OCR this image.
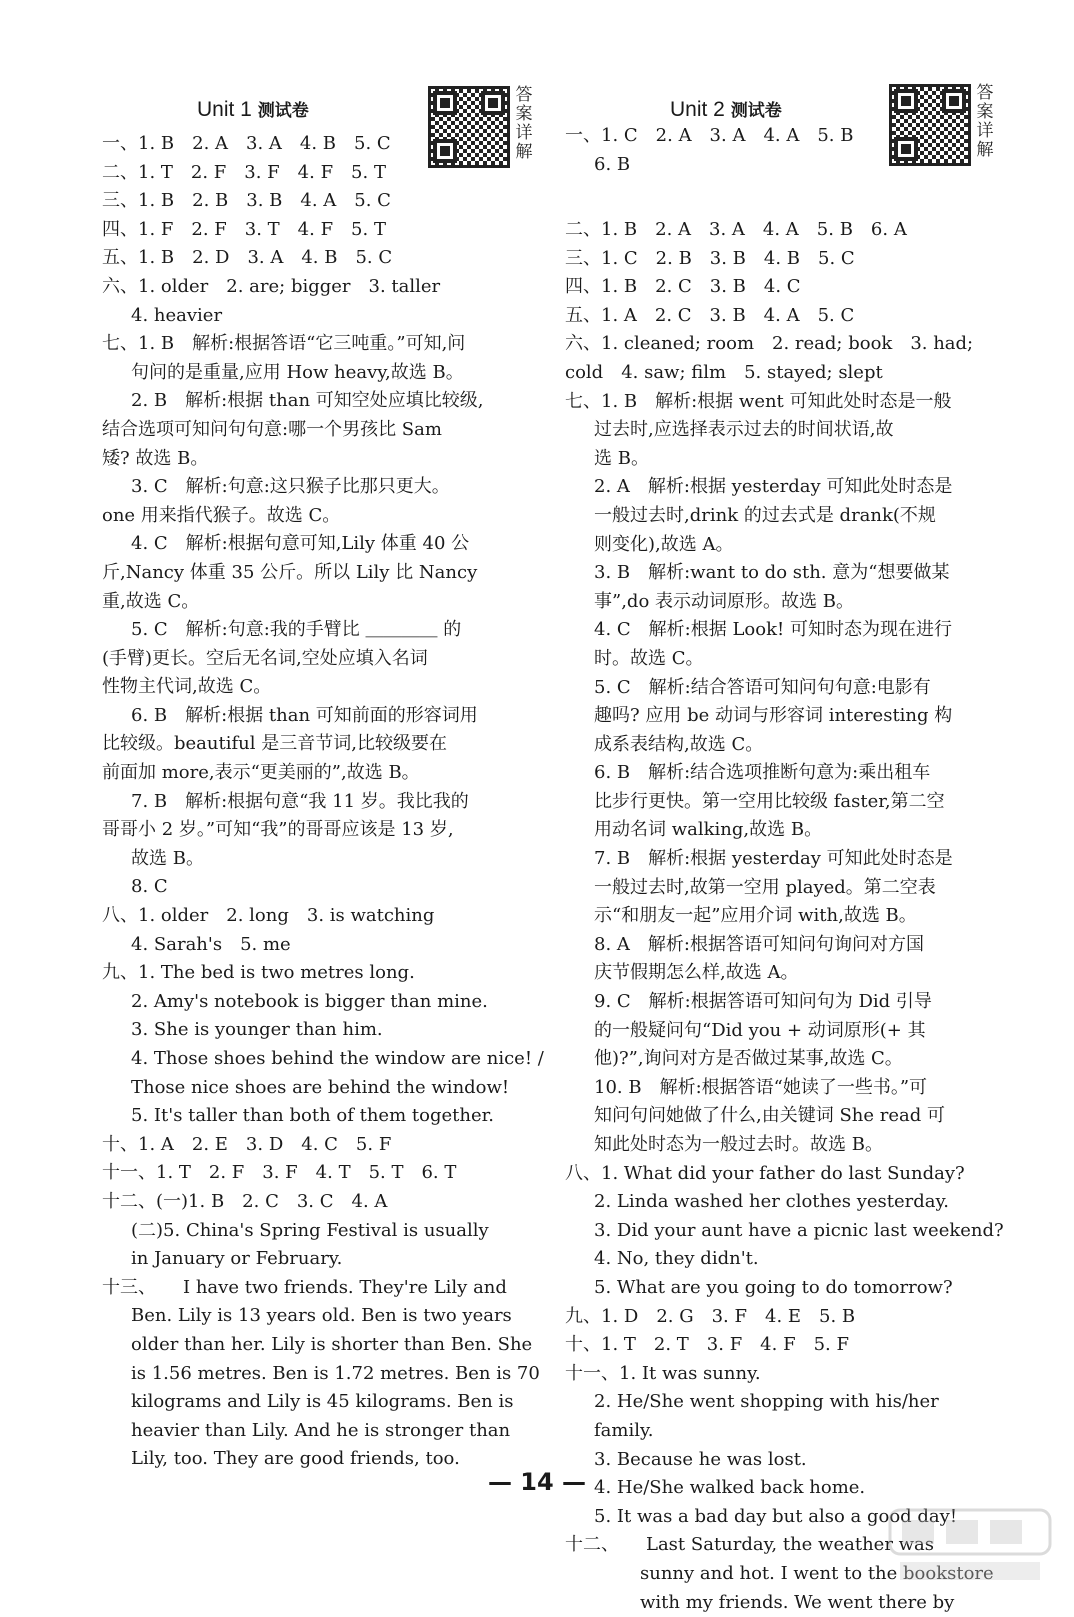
Unit 1 测试卷
答案详解
一、1. B　2. A　3. A　4. B　5. C
二、1. T　2. F　3. F　4. F　5. T
三、1. B　2. B　3. B　4. A　5. C
四、1. F　2. F　3. T　4. F　5. T
五、1. B　2. D　3. A　4. B　5. C
六、1. older　2. are; bigger　3. taller
4. heavier
七、1. B　解析:根据答语“它三吨重。”可知,问
句问的是重量,应用 How heavy,故选 B。
2. B　解析:根据 than 可知空处应填比较级,
结合选项可知问句句意:哪一个男孩比 Sam
矮? 故选 B。
3. C　解析:句意:这只猴子比那只更大。
one 用来指代猴子。故选 C。
4. C　解析:根据句意可知,Lily 体重 40 公
斤,Nancy 体重 35 公斤。所以 Lily 比 Nancy
重,故选 C。
5. C　解析:句意:我的手臂比 ＿＿＿＿ 的
(手臂)更长。空后无名词,空处应填入名词
性物主代词,故选 C。
6. B　解析:根据 than 可知前面的形容词用
比较级。beautiful 是三音节词,比较级要在
前面加 more,表示“更美丽的”,故选 B。
7. B　解析:根据句意“我 11 岁。我比我的
哥哥小 2 岁。”可知“我”的哥哥应该是 13 岁,
故选 B。
8. C
八、1. older　2. long　3. is watching
4. Sarah's　5. me
九、1. The bed is two metres long.
2. Amy's notebook is bigger than mine.
3. She is younger than him.
4. Those shoes behind the window are nice! /
Those nice shoes are behind the window!
5. It's taller than both of them together.
十、1. A　2. E　3. D　4. C　5. F
十一、1. T　2. F　3. F　4. T　5. T　6. T
十二、(一)1. B　2. C　3. C　4. A
(二)5. China's Spring Festival is usually
in January or February.
十三、　　I have two friends. They're Lily and
Ben. Lily is 13 years old. Ben is two years
older than her. Lily is shorter than Ben. She
is 1.56 metres. Ben is 1.72 metres. Ben is 70
kilograms and Lily is 45 kilograms. Ben is
heavier than Lily. And he is stronger than
Lily, too. They are good friends, too.
Unit 2 测试卷
答案详解
一、1. C　2. A　3. A　4. A　5. B
6. B
二、1. B　2. A　3. A　4. A　5. B　6. A
三、1. C　2. B　3. B　4. B　5. C
四、1. B　2. C　3. B　4. C
五、1. A　2. C　3. B　4. A　5. C
六、1. cleaned; room　2. read; book　3. had;
cold　4. saw; film　5. stayed; slept
七、1. B　解析:根据 went 可知此处时态是一般
过去时,应选择表示过去的时间状语,故
选 B。
2. A　解析:根据 yesterday 可知此处时态是
一般过去时,drink 的过去式是 drank(不规
则变化),故选 A。
3. B　解析:want to do sth. 意为“想要做某
事”,do 表示动词原形。故选 B。
4. C　解析:根据 Look! 可知时态为现在进行
时。故选 C。
5. C　解析:结合答语可知问句句意:电影有
趣吗? 应用 be 动词与形容词 interesting 构
成系表结构,故选 C。
6. B　解析:结合选项推断句意为:乘出租车
比步行更快。第一空用比较级 faster,第二空
用动名词 walking,故选 B。
7. B　解析:根据 yesterday 可知此处时态是
一般过去时,故第一空用 played。第二空表
示“和朋友一起”应用介词 with,故选 B。
8. A　解析:根据答语可知问句询问对方国
庆节假期怎么样,故选 A。
9. C　解析:根据答语可知问句为 Did 引导
的一般疑问句“Did you + 动词原形(+ 其
他)?”,询问对方是否做过某事,故选 C。
10. B　解析:根据答语“她读了一些书。”可
知问句问她做了什么,由关键词 She read 可
知此处时态为一般过去时。故选 B。
八、1. What did your father do last Sunday?
2. Linda washed her clothes yesterday.
3. Did your aunt have a picnic last weekend?
4. No, they didn't.
5. What are you going to do tomorrow?
九、1. D　2. G　3. F　4. E　5. B
十、1. T　2. T　3. F　4. F　5. F
十一、1. It was sunny.
2. He/She went shopping with his/her
family.
3. Because he was lost.
4. He/She walked back home.
5. It was a bad day but also a good day!
十二、　　Last Saturday, the weather was
sunny and hot. I went to the bookstore
with my friends. We went there by
— 14 —
